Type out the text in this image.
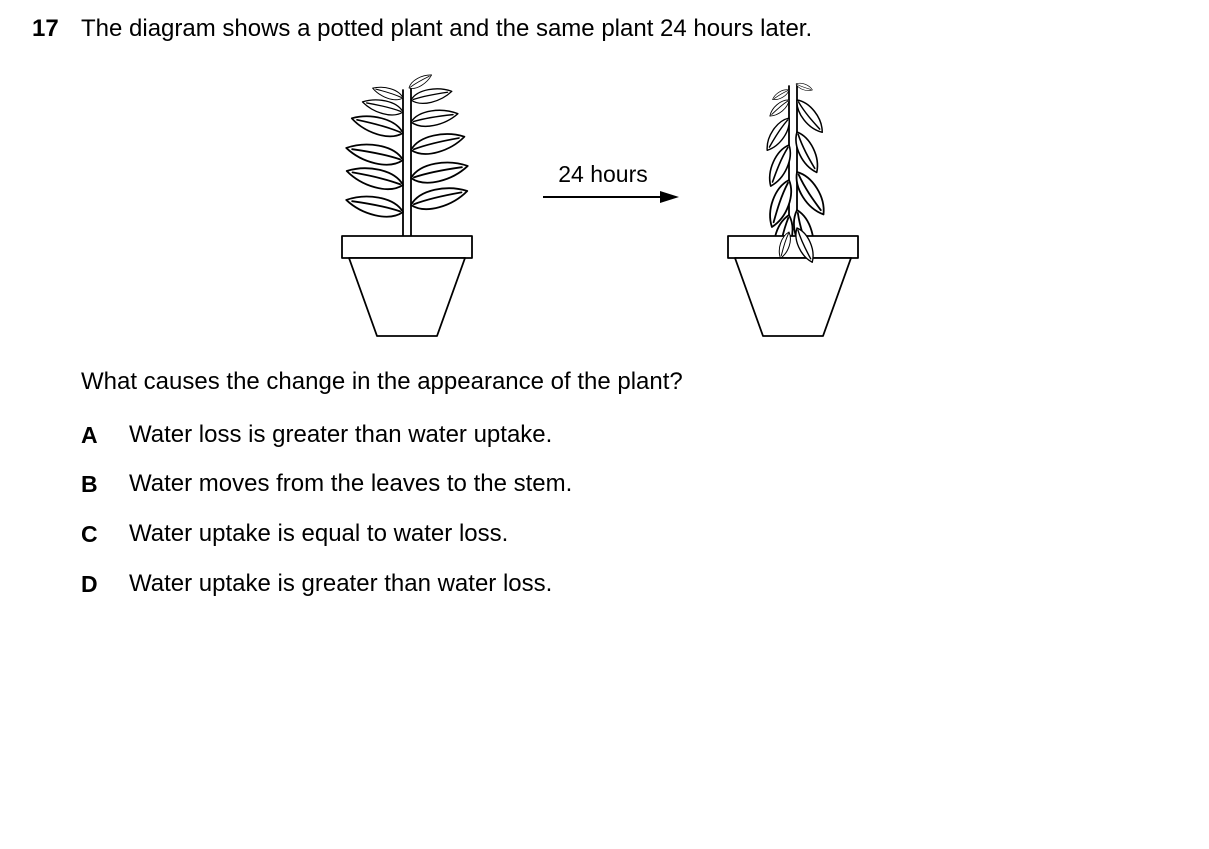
17 The diagram shows a potted plant and the same plant 24 hours later.
24 hours
What causes the change in the appearance of the plant?
A Water loss is greater than water uptake.
B Water moves from the leaves to the stem.
C Water uptake is equal to water loss.
D Water uptake is greater than water loss.
